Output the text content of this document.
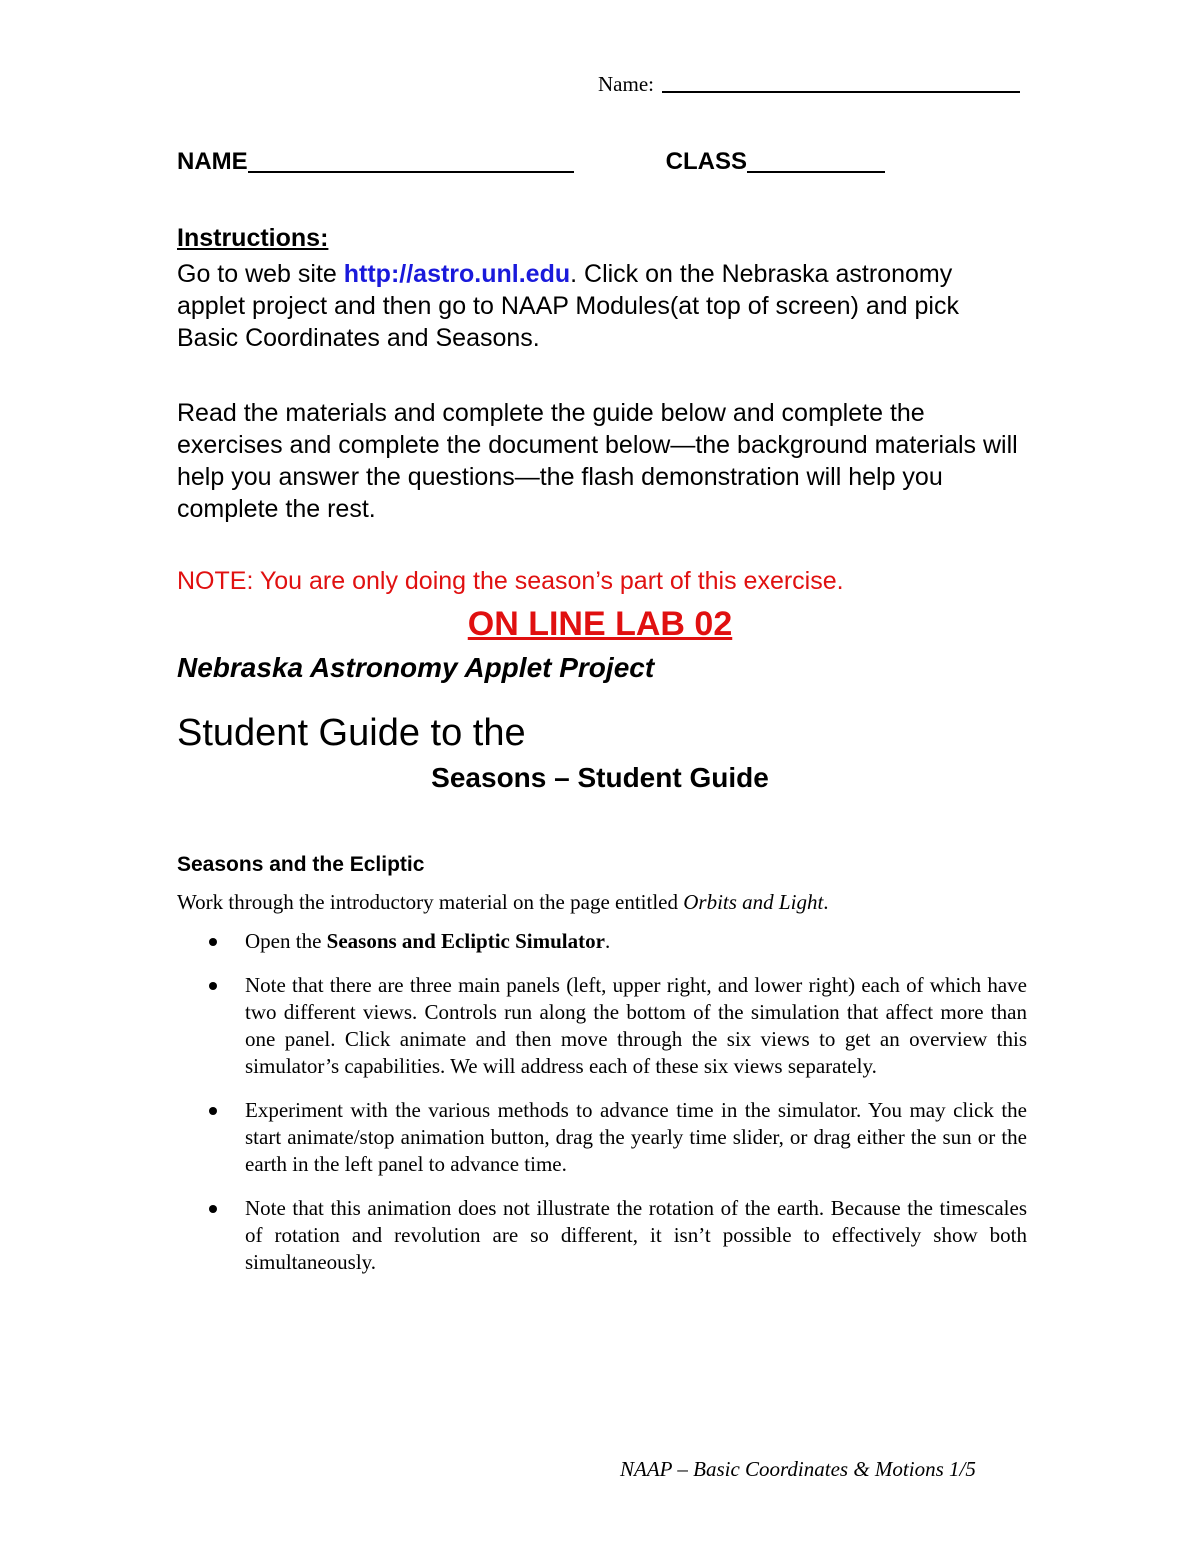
Name:
NAME	CLASS
Instructions:
Go to web site http://astro.unl.edu. Click on the Nebraska astronomy applet project and then go to NAAP Modules(at top of screen) and pick Basic Coordinates and Seasons.
Read the materials and complete the guide below and complete the exercises and complete the document below—the background materials will help you answer the questions—the flash demonstration will help you complete the rest.
NOTE: You are only doing the season’s part of this exercise.
ON LINE LAB 02
Nebraska Astronomy Applet Project
Student Guide to the
Seasons – Student Guide
Seasons and the Ecliptic
Work through the introductory material on the page entitled Orbits and Light.
Open the Seasons and Ecliptic Simulator.
Note that there are three main panels (left, upper right, and lower right) each of which have two different views. Controls run along the bottom of the simulation that affect more than one panel. Click animate and then move through the six views to get an overview this simulator’s capabilities. We will address each of these six views separately.
Experiment with the various methods to advance time in the simulator. You may click the start animate/stop animation button, drag the yearly time slider, or drag either the sun or the earth in the left panel to advance time.
Note that this animation does not illustrate the rotation of the earth. Because the timescales of rotation and revolution are so different, it isn’t possible to effectively show both simultaneously.
NAAP – Basic Coordinates & Motions 1/5
